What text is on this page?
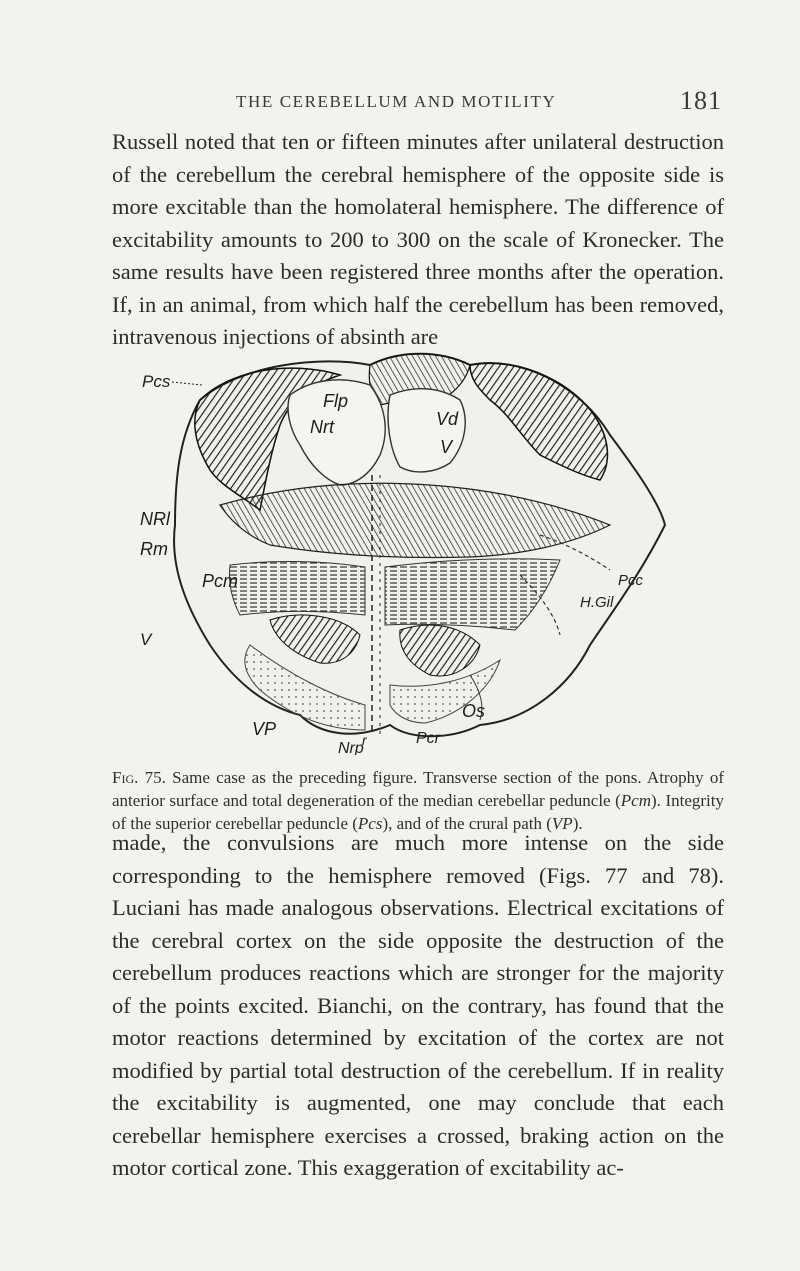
THE CEREBELLUM AND MOTILITY	181

Russell noted that ten or fifteen minutes after unilateral destruction of the cerebellum the cerebral hemisphere of the opposite side is more excitable than the homolateral hemisphere. The difference of excitability amounts to 200 to 300 on the scale of Kronecker. The same results have been registered three months after the operation. If, in an animal, from which half the cerebellum has been removed, intravenous injections of absinth are

Pcs
Flp
Nrt	Vd
V
NRl
Rm
Pcm
V
H.Gil
Pcc
Os
VP
r
Nrp
Pcr
Fig. 75. Same case as the preceding figure. Transverse section of the pons. Atrophy of anterior surface and total degeneration of the median cerebellar peduncle (Pcm). Integrity of the superior cerebellar peduncle (Pcs), and of the crural path (VP).

made, the convulsions are much more intense on the side corresponding to the hemisphere removed (Figs. 77 and 78). Luciani has made analogous observations. Electrical excitations of the cerebral cortex on the side opposite the destruction of the cerebellum produces reactions which are stronger for the majority of the points excited. Bianchi, on the contrary, has found that the motor reactions determined by excitation of the cortex are not modified by partial total destruction of the cerebellum. If in reality the excitability is augmented, one may conclude that each cerebellar hemisphere exercises a crossed, braking action on the motor cortical zone. This exaggeration of excitability ac-
